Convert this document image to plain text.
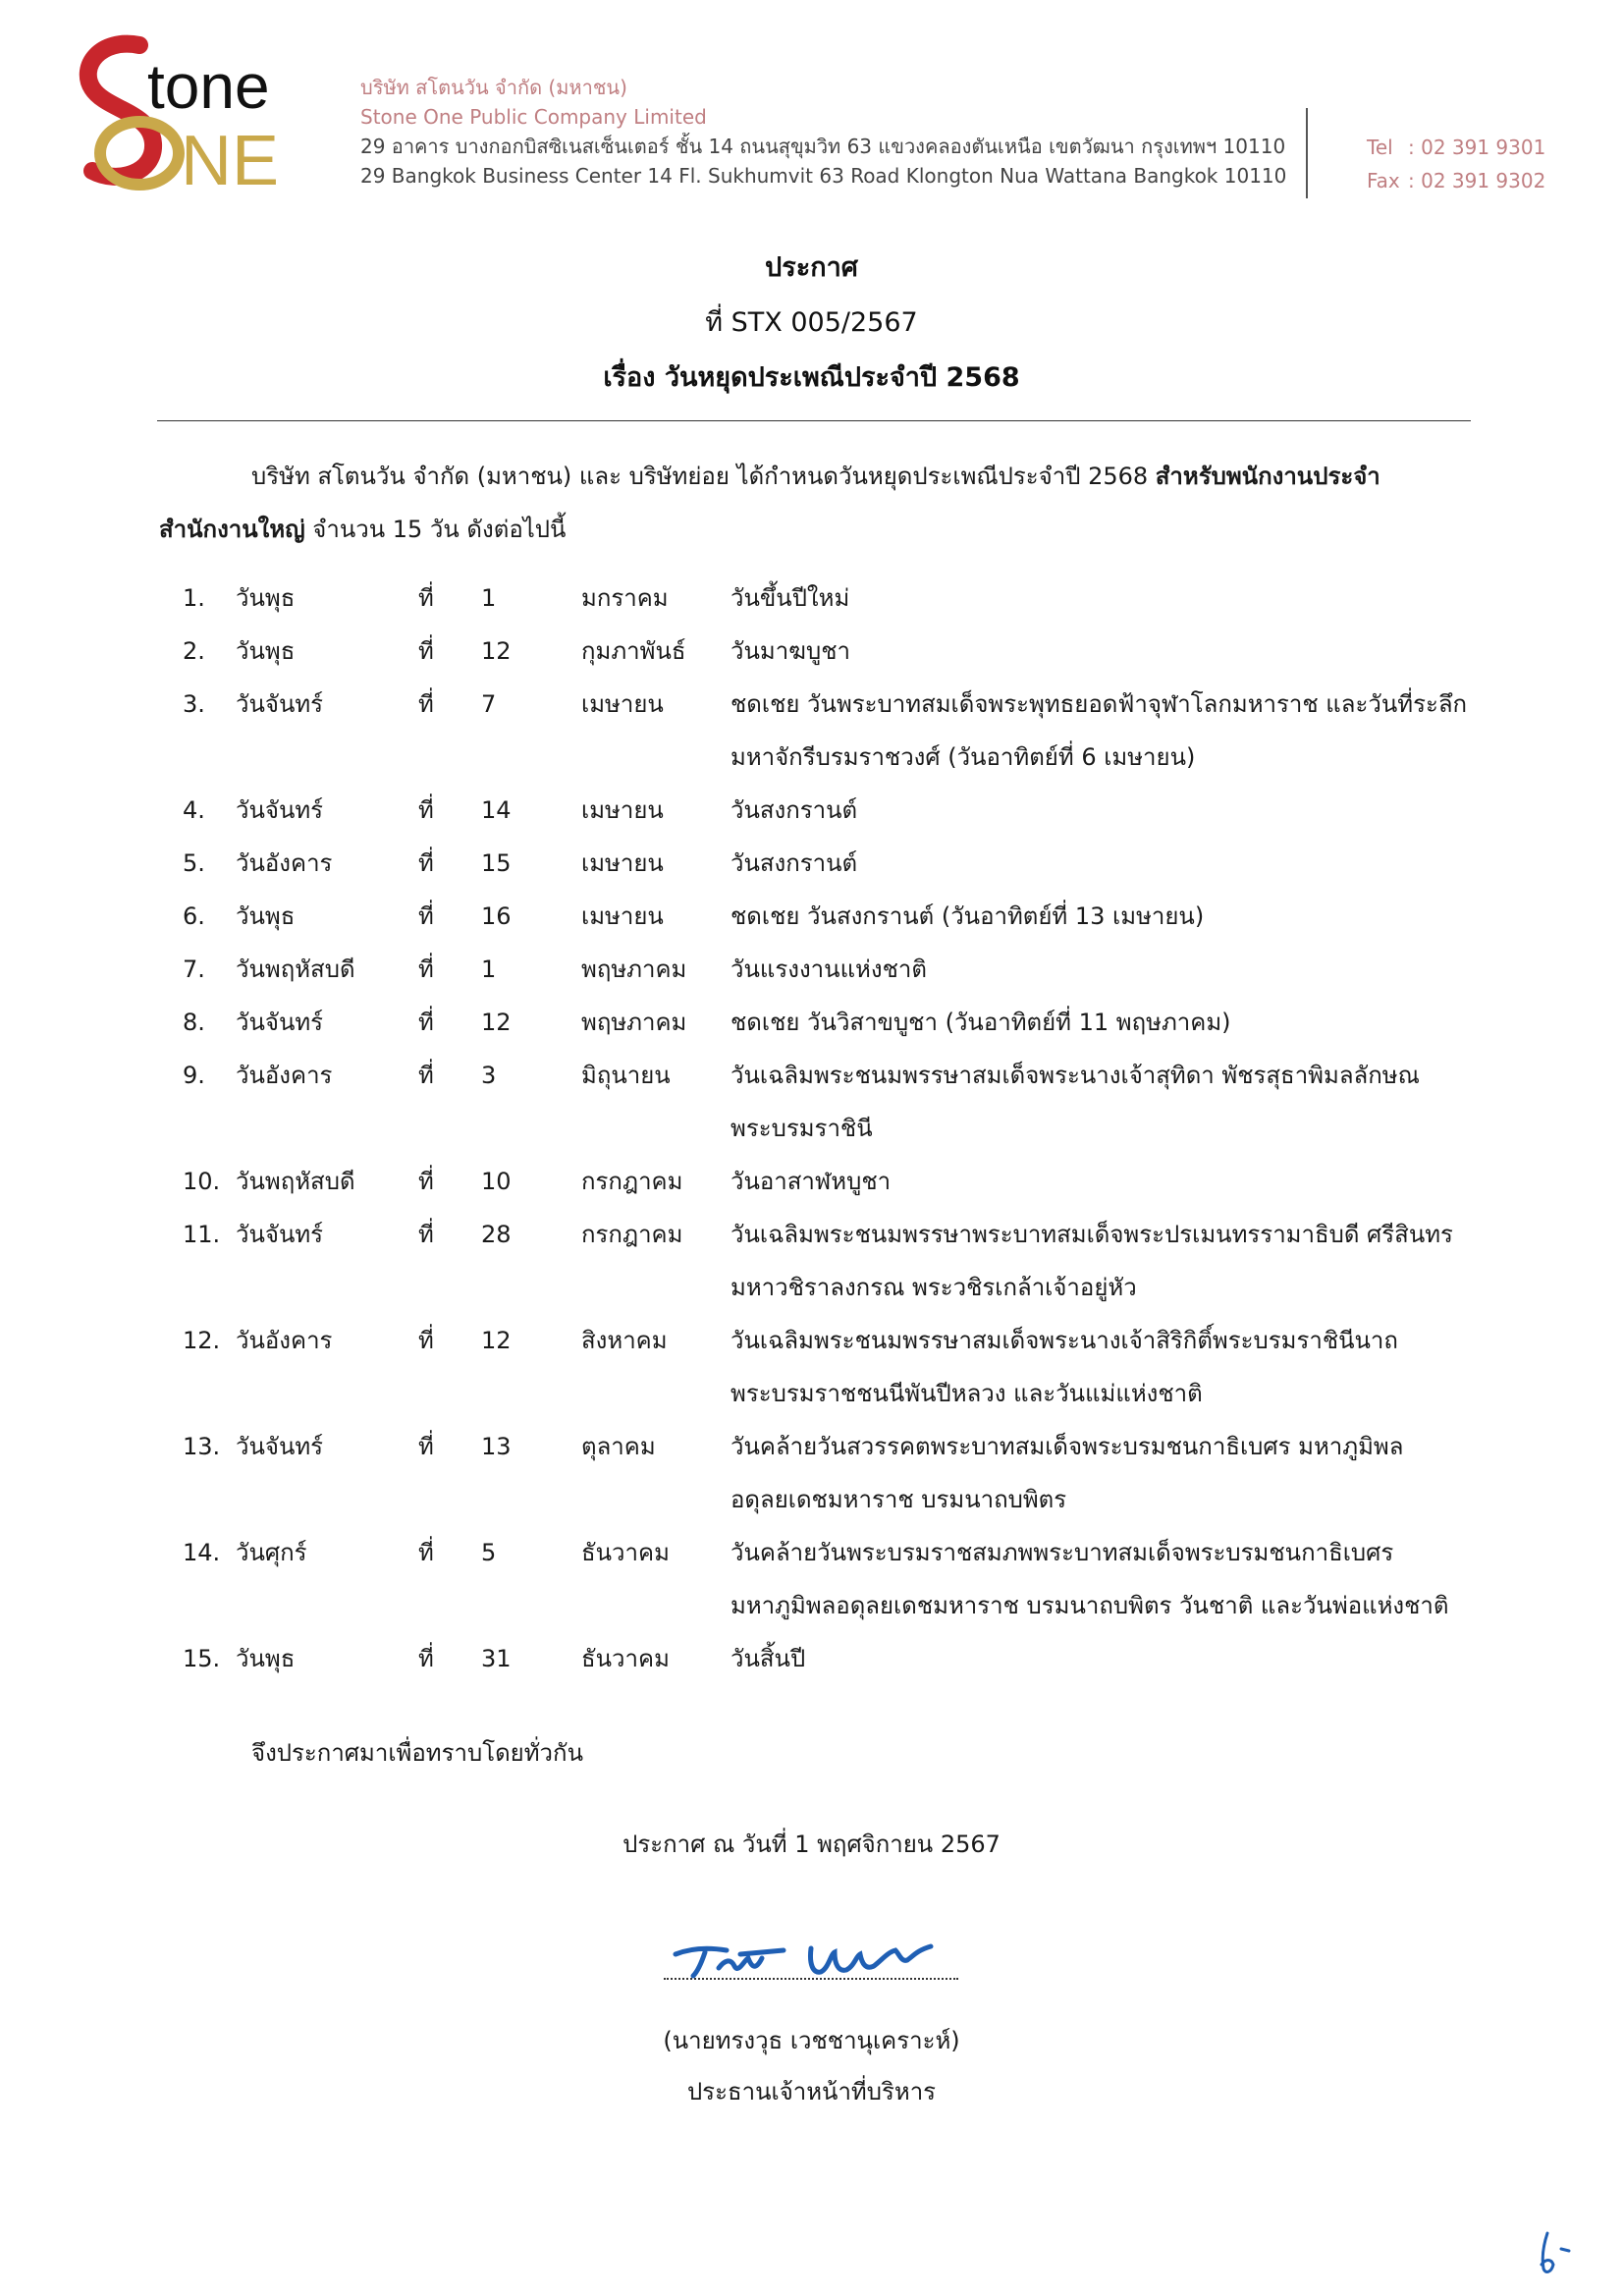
tone
NE
บริษัท สโตนวัน จำกัด (มหาชน)
Stone One Public Company Limited
29 อาคาร บางกอกบิสซิเนสเซ็นเตอร์ ชั้น 14 ถนนสุขุมวิท 63 แขวงคลองตันเหนือ เขตวัฒนา กรุงเทพฯ 10110
29 Bangkok Business Center 14 Fl. Sukhumvit 63 Road Klongton Nua Wattana Bangkok 10110
Tel : 02 391 9301
Fax : 02 391 9302
ประกาศ
ที่ STX 005/2567
เรื่อง วันหยุดประเพณีประจำปี 2568
บริษัท สโตนวัน จำกัด (มหาชน) และ บริษัทย่อย ได้กำหนดวันหยุดประเพณีประจำปี 2568 สำหรับพนักงานประจำสำนักงานใหญ่ จำนวน 15 วัน ดังต่อไปนี้
1. วันพุธ	ที่ 1	มกราคม	วันขึ้นปีใหม่
2. วันพุธ	ที่ 12	กุมภาพันธ์ วันมาฆบูชา
3. วันจันทร์	ที่ 7	เมษายน	ชดเชย วันพระบาทสมเด็จพระพุทธยอดฟ้าจุฬาโลกมหาราช และวันที่ระลึก
มหาจักรีบรมราชวงศ์ (วันอาทิตย์ที่ 6 เมษายน)
4. วันจันทร์	ที่ 14	เมษายน	วันสงกรานต์
5. วันอังคาร	ที่ 15	เมษายน	วันสงกรานต์
6. วันพุธ	ที่ 16	เมษายน	ชดเชย วันสงกรานต์ (วันอาทิตย์ที่ 13 เมษายน)
7. วันพฤหัสบดี	ที่ 1	พฤษภาคม วันแรงงานแห่งชาติ
8. วันจันทร์	ที่ 12	พฤษภาคม ชดเชย วันวิสาขบูชา (วันอาทิตย์ที่ 11 พฤษภาคม)
9. วันอังคาร	ที่ 3	มิถุนายน	วันเฉลิมพระชนมพรรษาสมเด็จพระนางเจ้าสุทิดา พัชรสุธาพิมลลักษณ
พระบรมราชินี
10. วันพฤหัสบดี	ที่ 10	กรกฎาคม วันอาสาฬหบูชา
11. วันจันทร์	ที่ 28	กรกฎาคม วันเฉลิมพระชนมพรรษาพระบาทสมเด็จพระปรเมนทรรามาธิบดี ศรีสินทร
มหาวชิราลงกรณ พระวชิรเกล้าเจ้าอยู่หัว
12. วันอังคาร	ที่ 12	สิงหาคม	วันเฉลิมพระชนมพรรษาสมเด็จพระนางเจ้าสิริกิติ์พระบรมราชินีนาถ
พระบรมราชชนนีพันปีหลวง และวันแม่แห่งชาติ
13. วันจันทร์	ที่ 13	ตุลาคม	วันคล้ายวันสวรรคตพระบาทสมเด็จพระบรมชนกาธิเบศร มหาภูมิพล
อดุลยเดชมหาราช บรมนาถบพิตร
14. วันศุกร์	ที่ 5	ธันวาคม	วันคล้ายวันพระบรมราชสมภพพระบาทสมเด็จพระบรมชนกาธิเบศร
มหาภูมิพลอดุลยเดชมหาราช บรมนาถบพิตร วันชาติ และวันพ่อแห่งชาติ
15. วันพุธ	ที่ 31	ธันวาคม	วันสิ้นปี
จึงประกาศมาเพื่อทราบโดยทั่วกัน
ประกาศ ณ วันที่ 1 พฤศจิกายน 2567
(นายทรงวุธ เวชชานุเคราะห์)
ประธานเจ้าหน้าที่บริหาร
